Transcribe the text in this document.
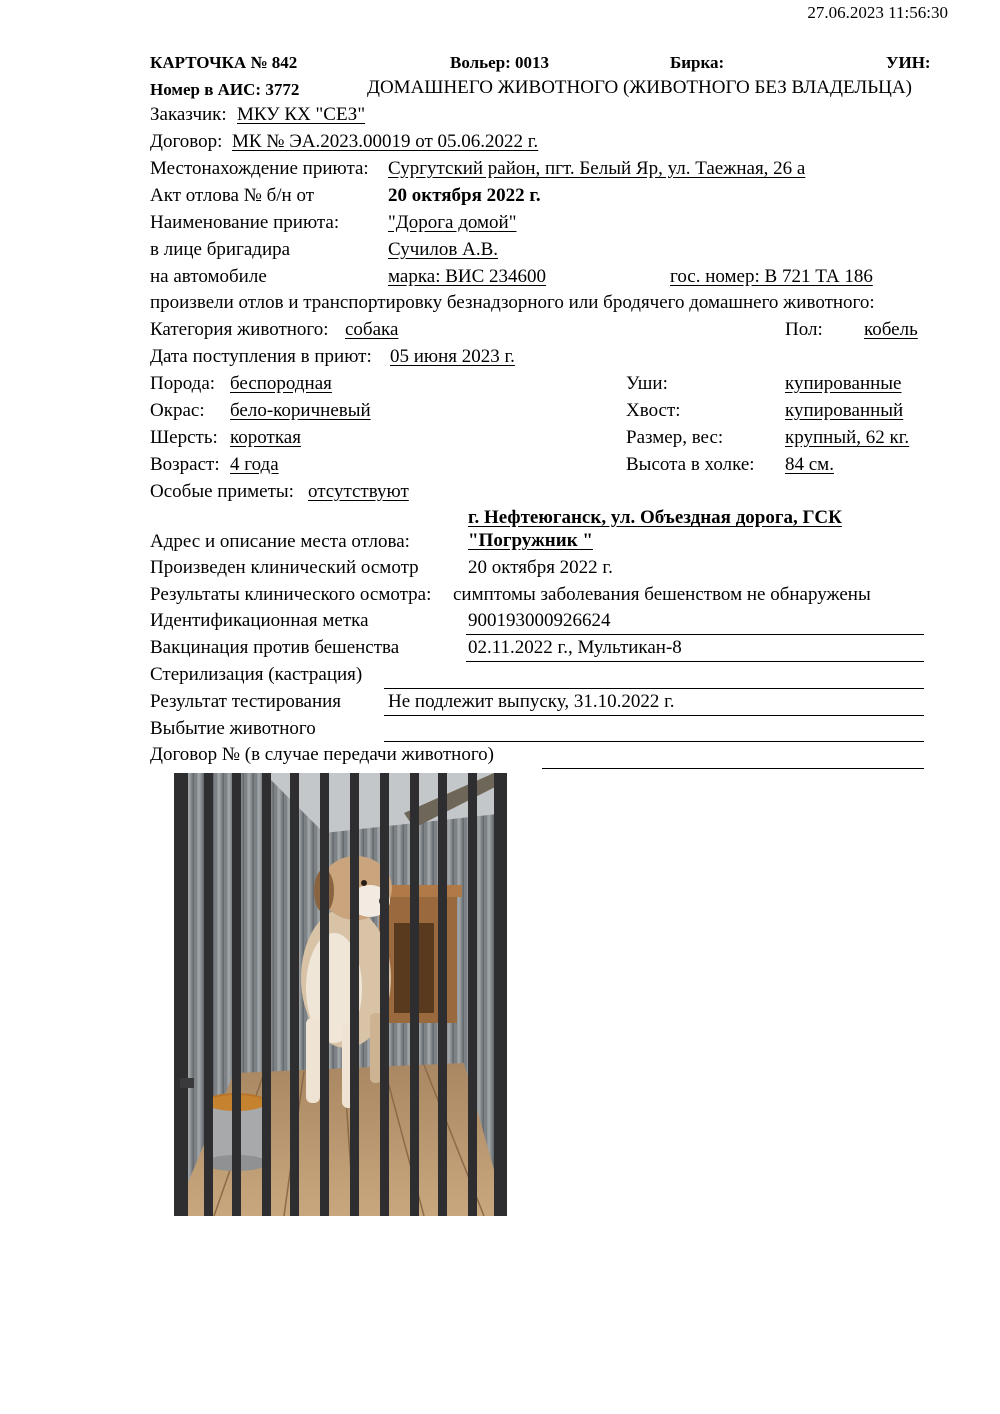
27.06.2023 11:56:30
КАРТОЧКА № 842	Вольер: 0013	Бирка:	УИН:
Номер в АИС: 3772	ДОМАШНЕГО ЖИВОТНОГО (ЖИВОТНОГО БЕЗ ВЛАДЕЛЬЦА)
Заказчик: МКУ КХ "СЕЗ"
Договор: МК № ЭА.2023.00019 от 05.06.2022 г.
Местонахождение приюта: Сургутский район, пгт. Белый Яр, ул. Таежная, 26 а
Акт отлова № б/н от	20 октября 2022 г.
Наименование приюта:	"Дорога домой"
в лице бригадира	Сучилов А.В.
на автомобиле	марка: ВИС 234600	гос. номер: В 721 ТА 186
произвели отлов и транспортировку безнадзорного или бродячего домашнего животного:
Категория животного: собака	Пол: кобель
Дата поступления в приют: 05 июня 2023 г.
Порода: беспородная	Уши:	купированные
Окрас: бело-коричневый	Хвост:	купированный
Шерсть: короткая	Размер, вес:	крупный, 62 кг.
Возраст: 4 года	Высота в холке: 84 см.
Особые приметы: отсутствуют
г. Нефтеюганск, ул. Объездная дорога, ГСК
Адрес и описание места отлова:	"Погружник "
Произведен клинический осмотр	20 октября 2022 г.
Результаты клинического осмотра: симптомы заболевания бешенством не обнаружены
Идентификационная метка	900193000926624
Вакцинация против бешенства	02.11.2022 г., Мультикан-8
Стерилизация (кастрация)
Результат тестирования Не подлежит выпуску, 31.10.2022 г.
Выбытие животного
Договор № (в случае передачи животного)
